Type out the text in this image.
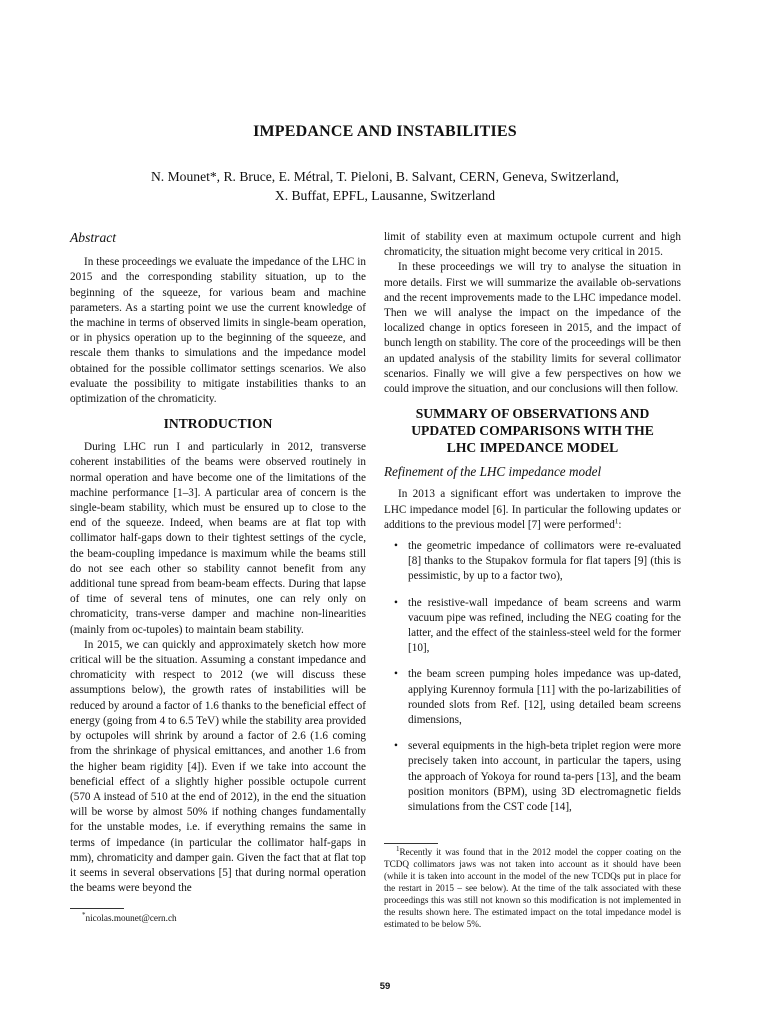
IMPEDANCE AND INSTABILITIES
N. Mounet*, R. Bruce, E. Métral, T. Pieloni, B. Salvant, CERN, Geneva, Switzerland,
X. Buffat, EPFL, Lausanne, Switzerland
Abstract

In these proceedings we evaluate the impedance of the LHC in 2015 and the corresponding stability situation, up to the beginning of the squeeze, for various beam and machine parameters. As a starting point we use the current knowledge of the machine in terms of observed limits in single-beam operation, or in physics operation up to the beginning of the squeeze, and rescale them thanks to simulations and the impedance model obtained for the possible collimator settings scenarios. We also evaluate the possibility to mitigate instabilities thanks to an optimization of the chromaticity.

INTRODUCTION

During LHC run I and particularly in 2012, transverse coherent instabilities of the beams were observed routinely in normal operation and have become one of the limitations of the machine performance [1–3]. A particular area of concern is the single-beam stability, which must be ensured up to close to the end of the squeeze. Indeed, when beams are at flat top with collimator half-gaps down to their tightest settings of the cycle, the beam-coupling impedance is maximum while the beams still do not see each other so stability cannot benefit from any additional tune spread from beam-beam effects. During that lapse of time of several tens of minutes, one can rely only on chromaticity, trans-verse damper and machine non-linearities (mainly from oc-tupoles) to maintain beam stability.

In 2015, we can quickly and approximately sketch how more critical will be the situation. Assuming a constant impedance and chromaticity with respect to 2012 (we will discuss these assumptions below), the growth rates of instabilities will be reduced by around a factor of 1.6 thanks to the beneficial effect of energy (going from 4 to 6.5 TeV) while the stability area provided by octupoles will shrink by around a factor of 2.6 (1.6 coming from the shrinkage of physical emittances, and another 1.6 from the higher beam rigidity [4]). Even if we take into account the beneficial effect of a slightly higher possible octupole current (570 A instead of 510 at the end of 2012), in the end the situation will be worse by almost 50% if nothing changes fundamentally for the unstable modes, i.e. if everything remains the same in terms of impedance (in particular the collimator half-gaps in mm), chromaticity and damper gain. Given the fact that at flat top it seems in several observations [5] that during normal operation the beams were beyond the

*nicolas.mounet@cern.ch

limit of stability even at maximum octupole current and high chromaticity, the situation might become very critical in 2015.

In these proceedings we will try to analyse the situation in more details. First we will summarize the available ob-servations and the recent improvements made to the LHC impedance model. Then we will analyse the impact on the impedance of the localized change in optics foreseen in 2015, and the impact of bunch length on stability. The core of the proceedings will be then an updated analysis of the stability limits for several collimator scenarios. Finally we will give a few perspectives on how we could improve the situation, and our conclusions will then follow.

SUMMARY OF OBSERVATIONS AND
UPDATED COMPARISONS WITH THE
LHC IMPEDANCE MODEL
Refinement of the LHC impedance model

In 2013 a significant effort was undertaken to improve the LHC impedance model [6]. In particular the following updates or additions to the previous model [7] were performed$^1$:

• the geometric impedance of collimators were re-evaluated [8] thanks to the Stupakov formula for flat tapers [9] (this is pessimistic, by up to a factor two),
• the resistive-wall impedance of beam screens and warm vacuum pipe was refined, including the NEG coating for the latter, and the effect of the stainless-steel weld for the former [10],
• the beam screen pumping holes impedance was up-dated, applying Kurennoy formula [11] with the po-larizabilities of rounded slots from Ref. [12], using detailed beam screens dimensions,
• several equipments in the high-beta triplet region were more precisely taken into account, in particular the tapers, using the approach of Yokoya for round ta-pers [13], and the beam position monitors (BPM), using 3D electromagnetic fields simulations from the CST code [14],
$^1$Recently it was found that in the 2012 model the copper coating on the TCDQ collimators jaws was not taken into account as it should have been (while it is taken into account in the model of the new TCDQs put in place for the restart in 2015 – see below). At the time of the talk associated with these proceedings this was still not known so this modification is not implemented in the results shown here. The estimated impact on the total impedance model is estimated to be below 5%.
59
